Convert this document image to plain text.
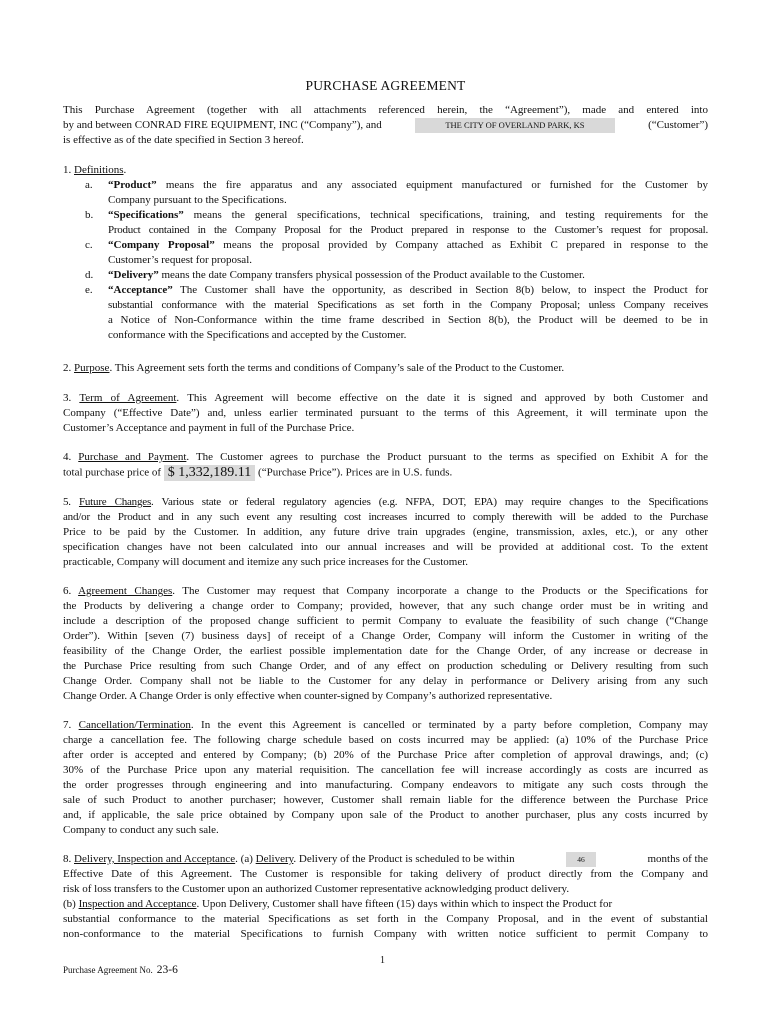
PURCHASE AGREEMENT
This Purchase Agreement (together with all attachments referenced herein, the “Agreement”), made and entered into
by and between CONRAD FIRE EQUIPMENT, INC (“Company”), and	THE CITY OF OVERLAND PARK, KS	(“Customer”)
is effective as of the date specified in Section 3 hereof.
1. Definitions.
a. “Product” means the fire apparatus and any associated equipment manufactured or furnished for the Customer by
Company pursuant to the Specifications.
b. “Specifications” means the general specifications, technical specifications, training, and testing requirements for the
Product contained in the Company Proposal for the Product prepared in response to the Customer’s request for proposal.
c. “Company Proposal” means the proposal provided by Company attached as Exhibit C prepared in response to the
Customer’s request for proposal.
d. “Delivery” means the date Company transfers physical possession of the Product available to the Customer.
e. “Acceptance” The Customer shall have the opportunity, as described in Section 8(b) below, to inspect the Product for
substantial conformance with the material Specifications as set forth in the Company Proposal; unless Company receives
a Notice of Non-Conformance within the time frame described in Section 8(b), the Product will be deemed to be in
conformance with the Specifications and accepted by the Customer.
2. Purpose. This Agreement sets forth the terms and conditions of Company’s sale of the Product to the Customer.
3. Term of Agreement. This Agreement will become effective on the date it is signed and approved by both Customer and
Company (“Effective Date”) and, unless earlier terminated pursuant to the terms of this Agreement, it will terminate upon the
Customer’s Acceptance and payment in full of the Purchase Price.
4. Purchase and Payment. The Customer agrees to purchase the Product pursuant to the terms as specified on Exhibit A for the
total purchase price of $ 1,332,189.11 (“Purchase Price”). Prices are in U.S. funds.
5. Future Changes. Various state or federal regulatory agencies (e.g. NFPA, DOT, EPA) may require changes to the Specifications
and/or the Product and in any such event any resulting cost increases incurred to comply therewith will be added to the Purchase
Price to be paid by the Customer. In addition, any future drive train upgrades (engine, transmission, axles, etc.), or any other
specification changes have not been calculated into our annual increases and will be provided at additional cost. To the extent
practicable, Company will document and itemize any such price increases for the Customer.
6. Agreement Changes. The Customer may request that Company incorporate a change to the Products or the Specifications for
the Products by delivering a change order to Company; provided, however, that any such change order must be in writing and
include a description of the proposed change sufficient to permit Company to evaluate the feasibility of such change (“Change
Order”). Within [seven (7) business days] of receipt of a Change Order, Company will inform the Customer in writing of the
feasibility of the Change Order, the earliest possible implementation date for the Change Order, of any increase or decrease in
the Purchase Price resulting from such Change Order, and of any effect on production scheduling or Delivery resulting from such
Change Order. Company shall not be liable to the Customer for any delay in performance or Delivery arising from any such
Change Order. A Change Order is only effective when counter-signed by Company’s authorized representative.
7. Cancellation/Termination. In the event this Agreement is cancelled or terminated by a party before completion, Company may
charge a cancellation fee. The following charge schedule based on costs incurred may be applied: (a) 10% of the Purchase Price
after order is accepted and entered by Company; (b) 20% of the Purchase Price after completion of approval drawings, and; (c)
30% of the Purchase Price upon any material requisition. The cancellation fee will increase accordingly as costs are incurred as
the order progresses through engineering and into manufacturing. Company endeavors to mitigate any such costs through the
sale of such Product to another purchaser; however, Customer shall remain liable for the difference between the Purchase Price
and, if applicable, the sale price obtained by Company upon sale of the Product to another purchaser, plus any costs incurred by
Company to conduct any such sale.
8. Delivery, Inspection and Acceptance. (a) Delivery. Delivery of the Product is scheduled to be within	46	months of the
Effective Date of this Agreement. The Customer is responsible for taking delivery of product directly from the Company and
risk of loss transfers to the Customer upon an authorized Customer representative acknowledging product delivery.
(b) Inspection and Acceptance. Upon Delivery, Customer shall have fifteen (15) days within which to inspect the Product for
substantial conformance to the material Specifications as set forth in the Company Proposal, and in the event of substantial
non-conformance to the material Specifications to furnish Company with written notice sufficient to permit Company to
1
Purchase Agreement No. 23-6
